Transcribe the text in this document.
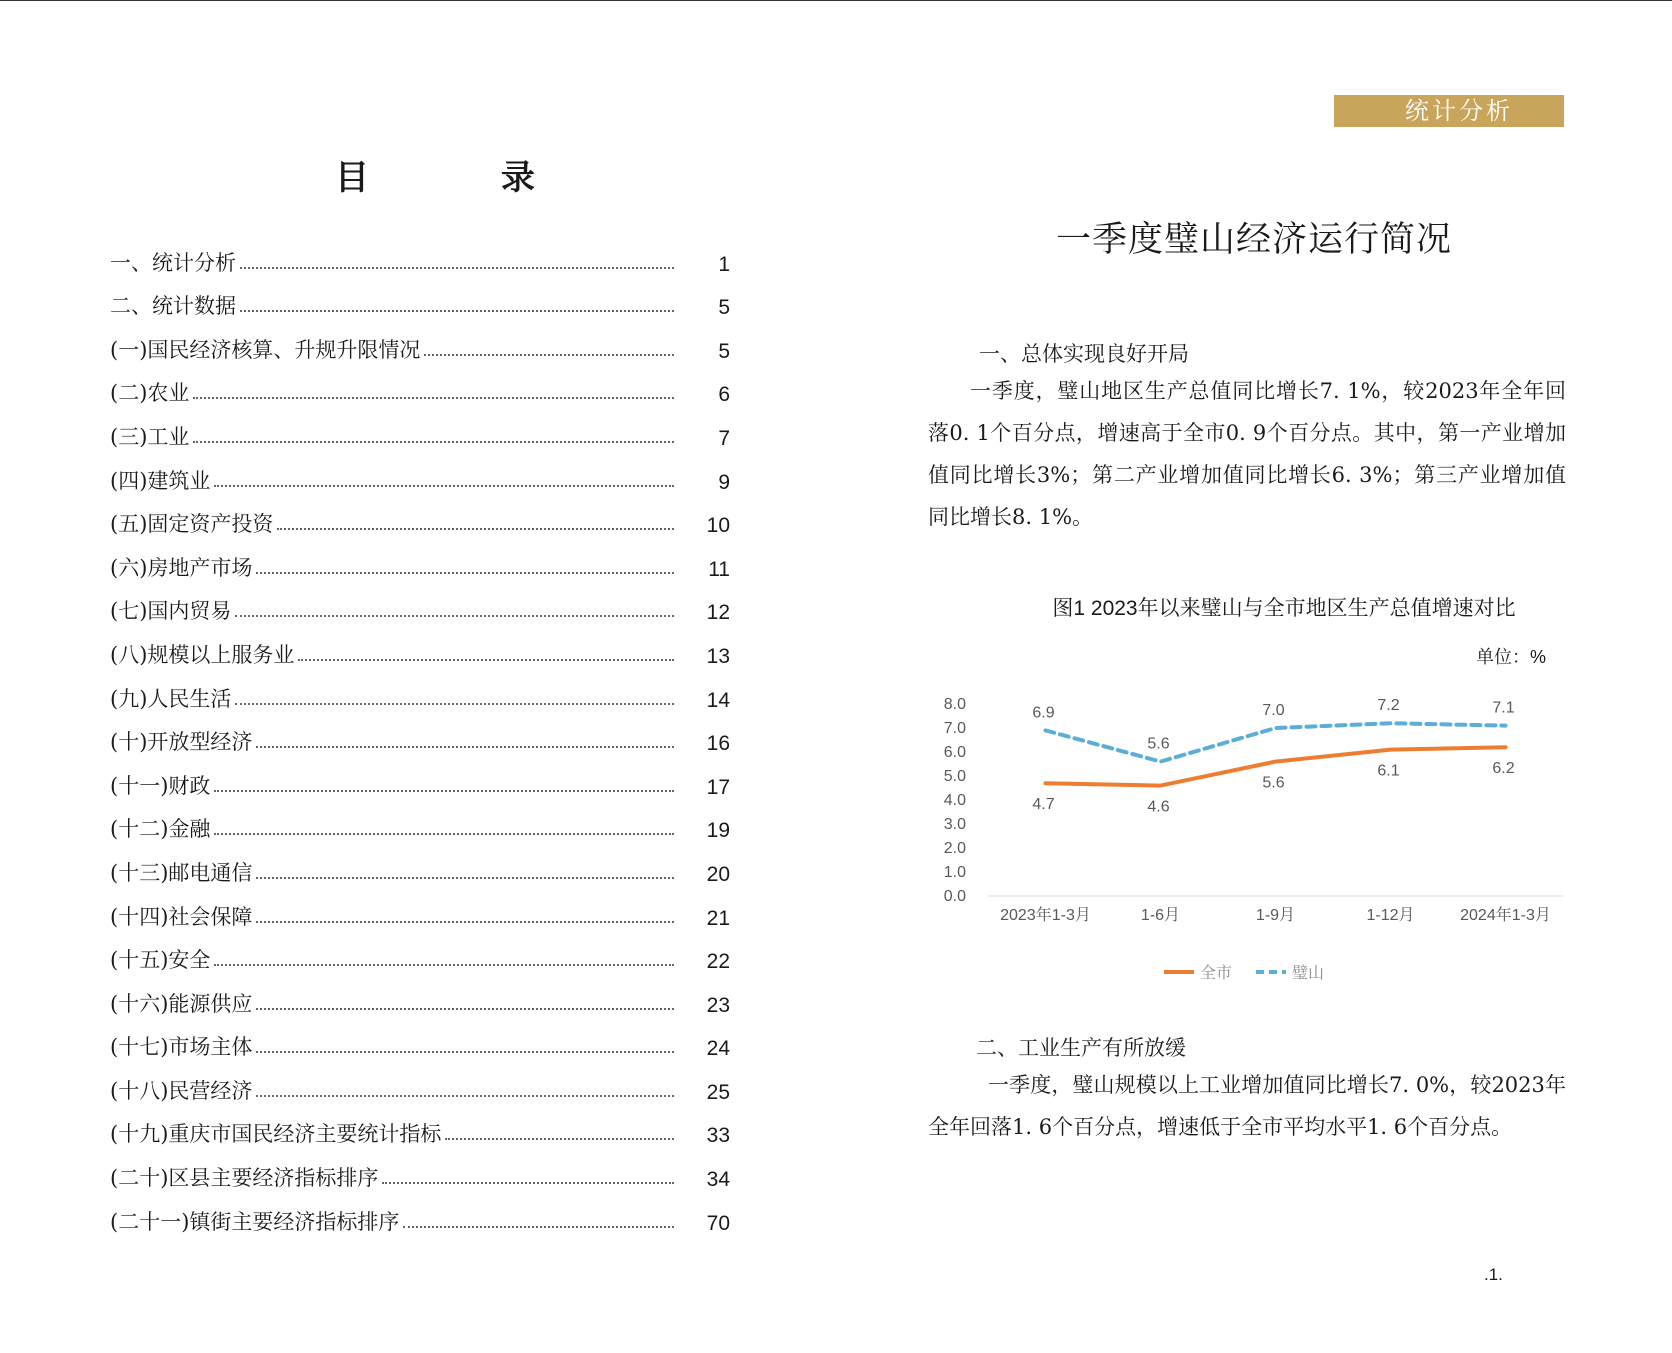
目 录
一、统计分析	1
二、统计数据	5
(一)国民经济核算、升规升限情况	5
(二)农业	6
(三)工业	7
(四)建筑业	9
(五)固定资产投资	10
(六)房地产市场	11
(七)国内贸易	12
(八)规模以上服务业	13
(九)人民生活	14
(十)开放型经济	16
(十一)财政	17
(十二)金融	19
(十三)邮电通信	20
(十四)社会保障	21
(十五)安全	22
(十六)能源供应	23
(十七)市场主体	24
(十八)民营经济	25
(十九)重庆市国民经济主要统计指标	33
(二十)区县主要经济指标排序	34
(二十一)镇街主要经济指标排序	70
统计分析
一季度璧山经济运行简况
一、总体实现良好开局

一季度，璧山地区生产总值同比增长7. 1%，较2023年全年回落0. 1个百分点，增速高于全市0. 9个百分点。其中，第一产业增加值同比增长3%；第二产业增加值同比增长6. 3%；第三产业增加值同比增长8. 1%。

图1 2023年以来璧山与全市地区生产总值增速对比
单位：%
0.0
1.0
2.0
3.0
4.0
5.0
6.0
7.0
8.0
2023年1-3月	1-6月	1-9月	1-12月	2024年1-3月
4.7	4.6
5.6
6.1	6.2
6.9
5.6
7.0	7.2	7.1
全市	璧山
二、工业生产有所放缓

一季度，璧山规模以上工业增加值同比增长7. 0%，较2023年全年回落1. 6个百分点，增速低于全市平均水平1. 6个百分点。

.1.
